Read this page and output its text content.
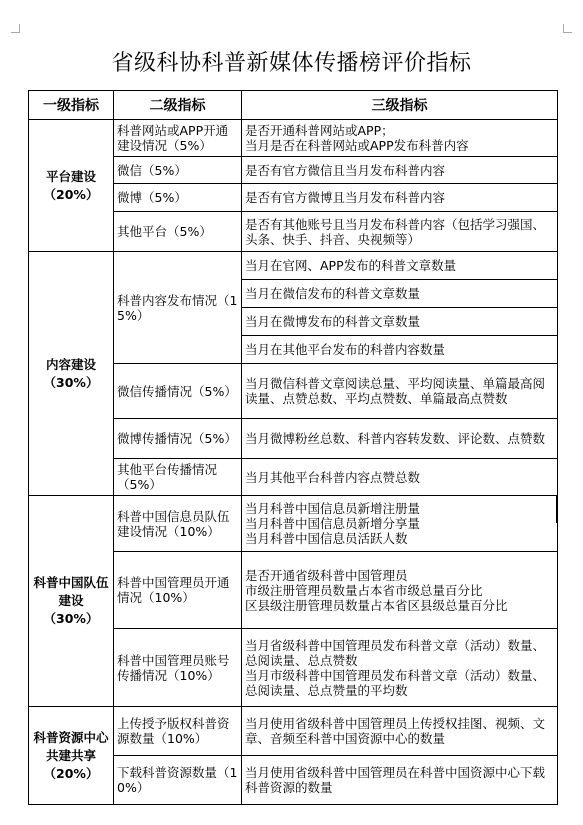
省级科协科普新媒体传播榜评价指标
一级指标	二级指标	三级指标

平台建设
（20%）	科普网站或APP开通建设情况（5%）	是否开通科普网站或APP；
当月是否在科普网站或APP发布科普内容

	微信（5%）	是否有官方微信且当月发布科普内容
	微博（5%）	是否有官方微博且当月发布科普内容
	其他平台（5%）	是否有其他账号且当月发布科普内容（包括学习强国、头条、快手、抖音、央视频等）

内容建设
（30%）	科普内容发布情况（15%）	当月在官网、APP发布的科普文章数量
		当月在微信发布的科普文章数量
		当月在微博发布的科普文章数量
		当月在其他平台发布的科普内容数量
	微信传播情况（5%）	当月微信科普文章阅读总量、平均阅读量、单篇最高阅读量、点赞总数、平均点赞数、单篇最高点赞数
	微博传播情况（5%）	当月微博粉丝总数、科普内容转发数、评论数、点赞数
	其他平台传播情况（5%）	当月其他平台科普内容点赞总数

科普中国队伍建设
（30%）	科普中国信息员队伍建设情况（10%）	当月科普中国信息员新增注册量
当月科普中国信息员新增分享量
当月科普中国信息员活跃人数

	科普中国管理员开通情况（10%）	是否开通省级科普中国管理员
市级注册管理员数量占本省市级总量百分比
区县级注册管理员数量占本省区县级总量百分比

	科普中国管理员账号传播情况（10%）	当月省级科普中国管理员发布科普文章（活动）数量、总阅读量、总点赞数
当月市级科普中国管理员发布科普文章（活动）数量、总阅读量、总点赞量的平均数

科普资源中心共建共享
（20%）	上传授予版权科普资源数量（10%）	当月使用省级科普中国管理员上传授权挂图、视频、文章、音频至科普中国资源中心的数量
	下载科普资源数量（10%）	当月使用省级科普中国管理员在科普中国资源中心下载科普资源的数量
